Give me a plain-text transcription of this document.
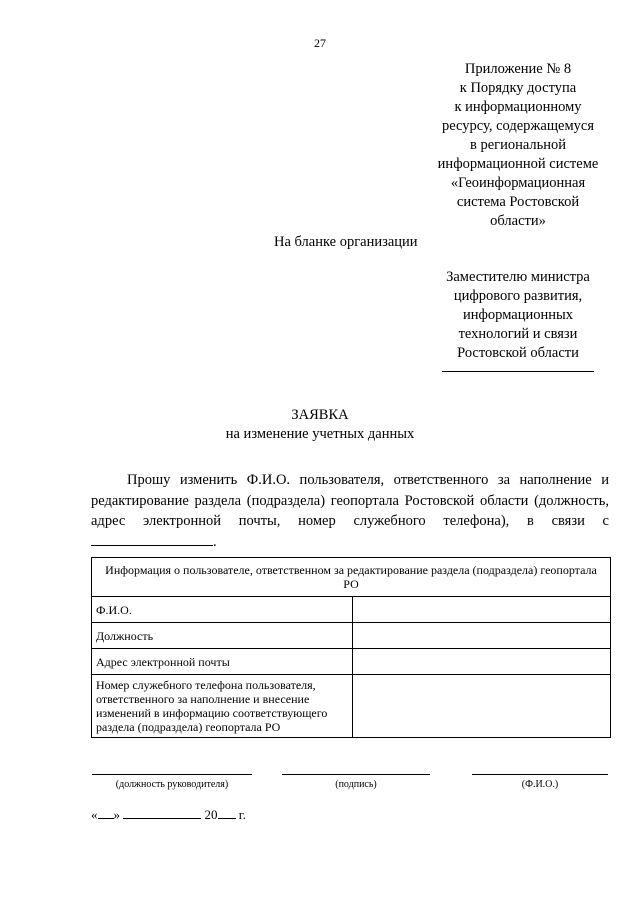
27
Приложение № 8
к Порядку доступа
к информационному
ресурсу, содержащемуся
в региональной
информационной системе
«Геоинформационная
система Ростовской
области»
На бланке организации
Заместителю министра
цифрового развития,
информационных
технологий и связи
Ростовской области
ЗАЯВКА
на изменение учетных данных
Прошу изменить Ф.И.О. пользователя, ответственного за наполнение и редактирование раздела (подраздела) геопортала Ростовской области (должность, адрес электронной почты, номер служебного телефона), в связи с .
Информация о пользователе, ответственном за редактирование раздела (подраздела) геопортала РО	
Ф.И.О.	
Должность	
Адрес электронной почты	
Номер служебного телефона пользователя, ответственного за наполнение и внесение изменений в информацию соответствующего раздела (подраздела) геопортала РО	
(должность руководителя)	(подпись)	(Ф.И.О.)
« »	20 г.
